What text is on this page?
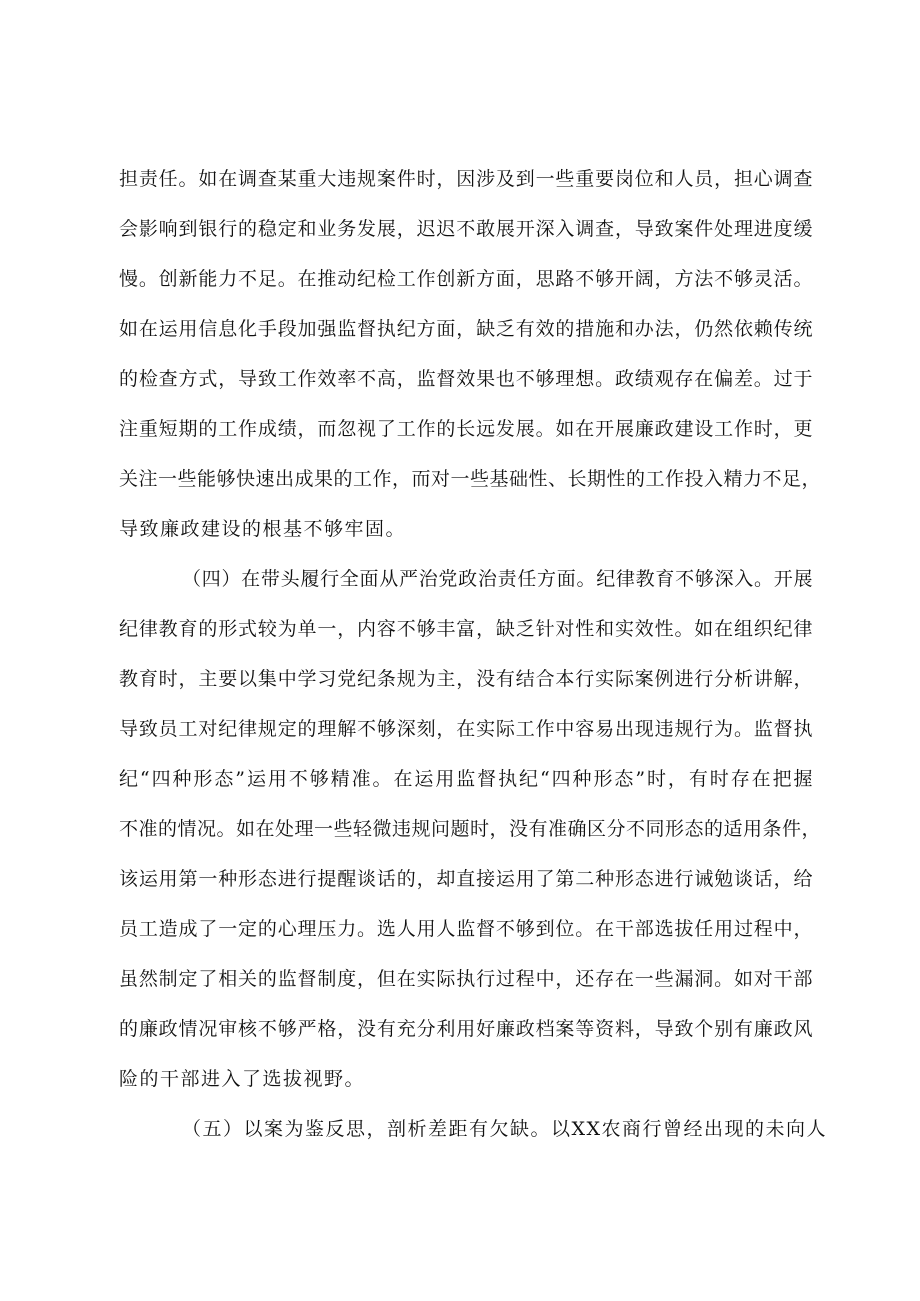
担责任。如在调查某重大违规案件时，因涉及到一些重要岗位和人员，担心调查
会影响到银行的稳定和业务发展，迟迟不敢展开深入调查，导致案件处理进度缓
慢。创新能力不足。在推动纪检工作创新方面，思路不够开阔，方法不够灵活。
如在运用信息化手段加强监督执纪方面，缺乏有效的措施和办法，仍然依赖传统
的检查方式，导致工作效率不高，监督效果也不够理想。政绩观存在偏差。过于
注重短期的工作成绩，而忽视了工作的长远发展。如在开展廉政建设工作时，更
关注一些能够快速出成果的工作，而对一些基础性、长期性的工作投入精力不足，
导致廉政建设的根基不够牢固。
（四）在带头履行全面从严治党政治责任方面。纪律教育不够深入。开展
纪律教育的形式较为单一，内容不够丰富，缺乏针对性和实效性。如在组织纪律
教育时，主要以集中学习党纪条规为主，没有结合本行实际案例进行分析讲解，
导致员工对纪律规定的理解不够深刻，在实际工作中容易出现违规行为。监督执
纪“四种形态”运用不够精准。在运用监督执纪“四种形态”时，有时存在把握
不准的情况。如在处理一些轻微违规问题时，没有准确区分不同形态的适用条件，
该运用第一种形态进行提醒谈话的，却直接运用了第二种形态进行诫勉谈话，给
员工造成了一定的心理压力。选人用人监督不够到位。在干部选拔任用过程中，
虽然制定了相关的监督制度，但在实际执行过程中，还存在一些漏洞。如对干部
的廉政情况审核不够严格，没有充分利用好廉政档案等资料，导致个别有廉政风
险的干部进入了选拔视野。
（五）以案为鉴反思，剖析差距有欠缺。以XX农商行曾经出现的未向人
